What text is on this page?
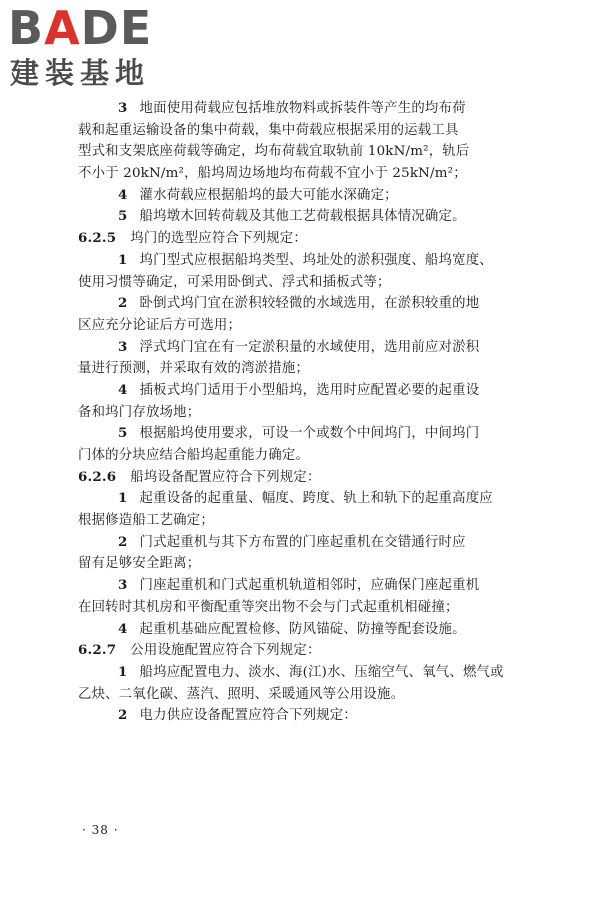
BADE
建装基地
3 地面使用荷载应包括堆放物料或拆装件等产生的均布荷
载和起重运输设备的集中荷载，集中荷载应根据采用的运载工具
型式和支架底座荷载等确定，均布荷载宜取轨前 10kN/m²，轨后
不小于 20kN/m²，船坞周边场地均布荷载不宜小于 25kN/m²；
4 灌水荷载应根据船坞的最大可能水深确定；
5 船坞墩木回转荷载及其他工艺荷载根据具体情况确定。
6.2.5 坞门的选型应符合下列规定：
1 坞门型式应根据船坞类型、坞址处的淤积强度、船坞宽度、
使用习惯等确定，可采用卧倒式、浮式和插板式等；
2 卧倒式坞门宜在淤积较轻微的水域选用，在淤积较重的地
区应充分论证后方可选用；
3 浮式坞门宜在有一定淤积量的水域使用，选用前应对淤积
量进行预测，并采取有效的湾淤措施；
4 插板式坞门适用于小型船坞，选用时应配置必要的起重设
备和坞门存放场地；
5 根据船坞使用要求，可设一个或数个中间坞门，中间坞门
门体的分块应结合船坞起重能力确定。
6.2.6 船坞设备配置应符合下列规定：
1 起重设备的起重量、幅度、跨度、轨上和轨下的起重高度应
根据修造船工艺确定；
2 门式起重机与其下方布置的门座起重机在交错通行时应
留有足够安全距离；
3 门座起重机和门式起重机轨道相邻时，应确保门座起重机
在回转时其机房和平衡配重等突出物不会与门式起重机相碰撞；
4 起重机基础应配置检修、防风锚碇、防撞等配套设施。
6.2.7 公用设施配置应符合下列规定：
1 船坞应配置电力、淡水、海(江)水、压缩空气、氧气、燃气或
乙炔、二氧化碳、蒸汽、照明、采暖通风等公用设施。
2 电力供应设备配置应符合下列规定：
· 38 ·
